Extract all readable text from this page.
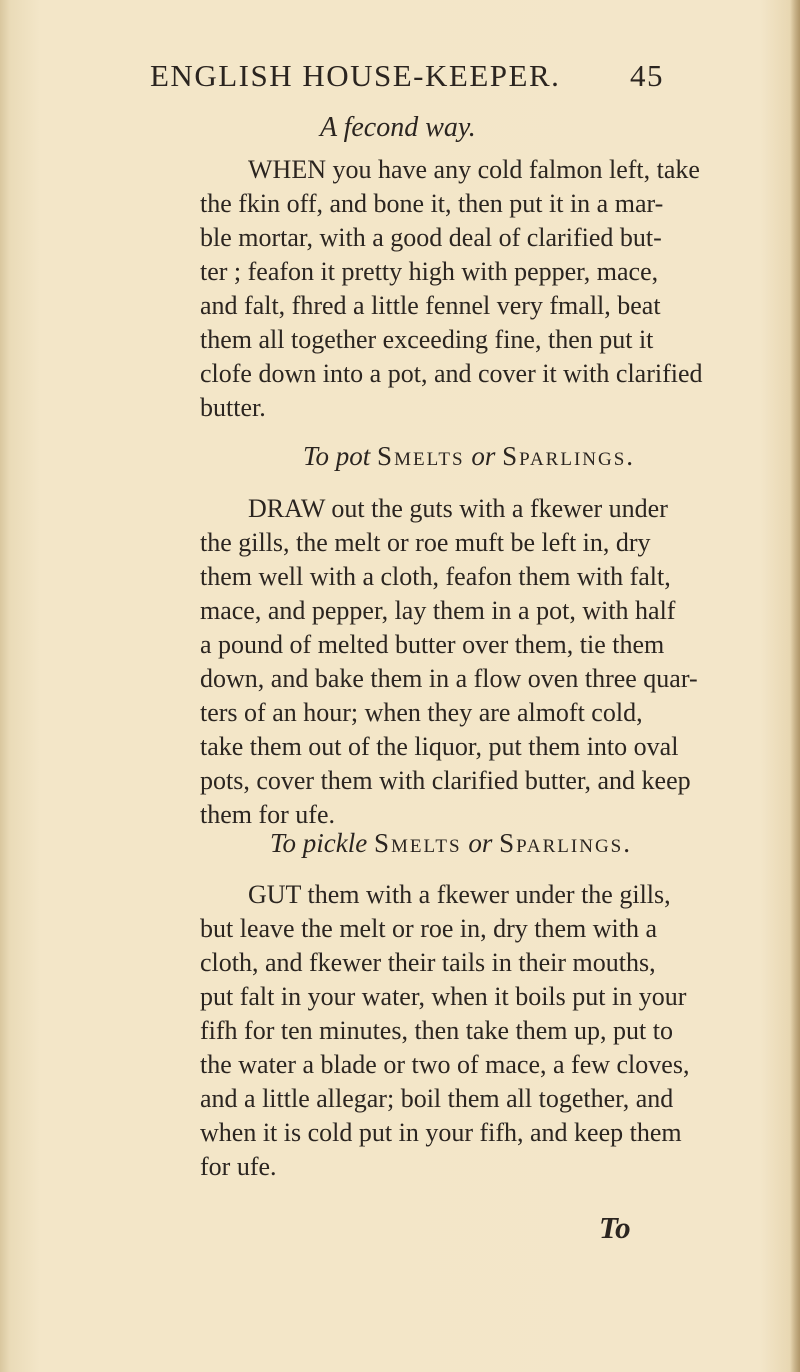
ENGLISH HOUSE-KEEPER. 45
A fecond way.
WHEN you have any cold falmon left, take
the fkin off, and bone it, then put it in a mar-
ble mortar, with a good deal of clarified but-
ter ; feafon it pretty high with pepper, mace,
and falt, fhred a little fennel very fmall, beat
them all together exceeding fine, then put it
clofe down into a pot, and cover it with clarified
butter.
To pot Smelts or Sparlings.
DRAW out the guts with a fkewer under
the gills, the melt or roe muft be left in, dry
them well with a cloth, feafon them with falt,
mace, and pepper, lay them in a pot, with half
a pound of melted butter over them, tie them
down, and bake them in a flow oven three quar-
ters of an hour; when they are almoft cold,
take them out of the liquor, put them into oval
pots, cover them with clarified butter, and keep
them for ufe.
To pickle Smelts or Sparlings.
GUT them with a fkewer under the gills,
but leave the melt or roe in, dry them with a
cloth, and fkewer their tails in their mouths,
put falt in your water, when it boils put in your
fifh for ten minutes, then take them up, put to
the water a blade or two of mace, a few cloves,
and a little allegar; boil them all together, and
when it is cold put in your fifh, and keep them
for ufe.
To
